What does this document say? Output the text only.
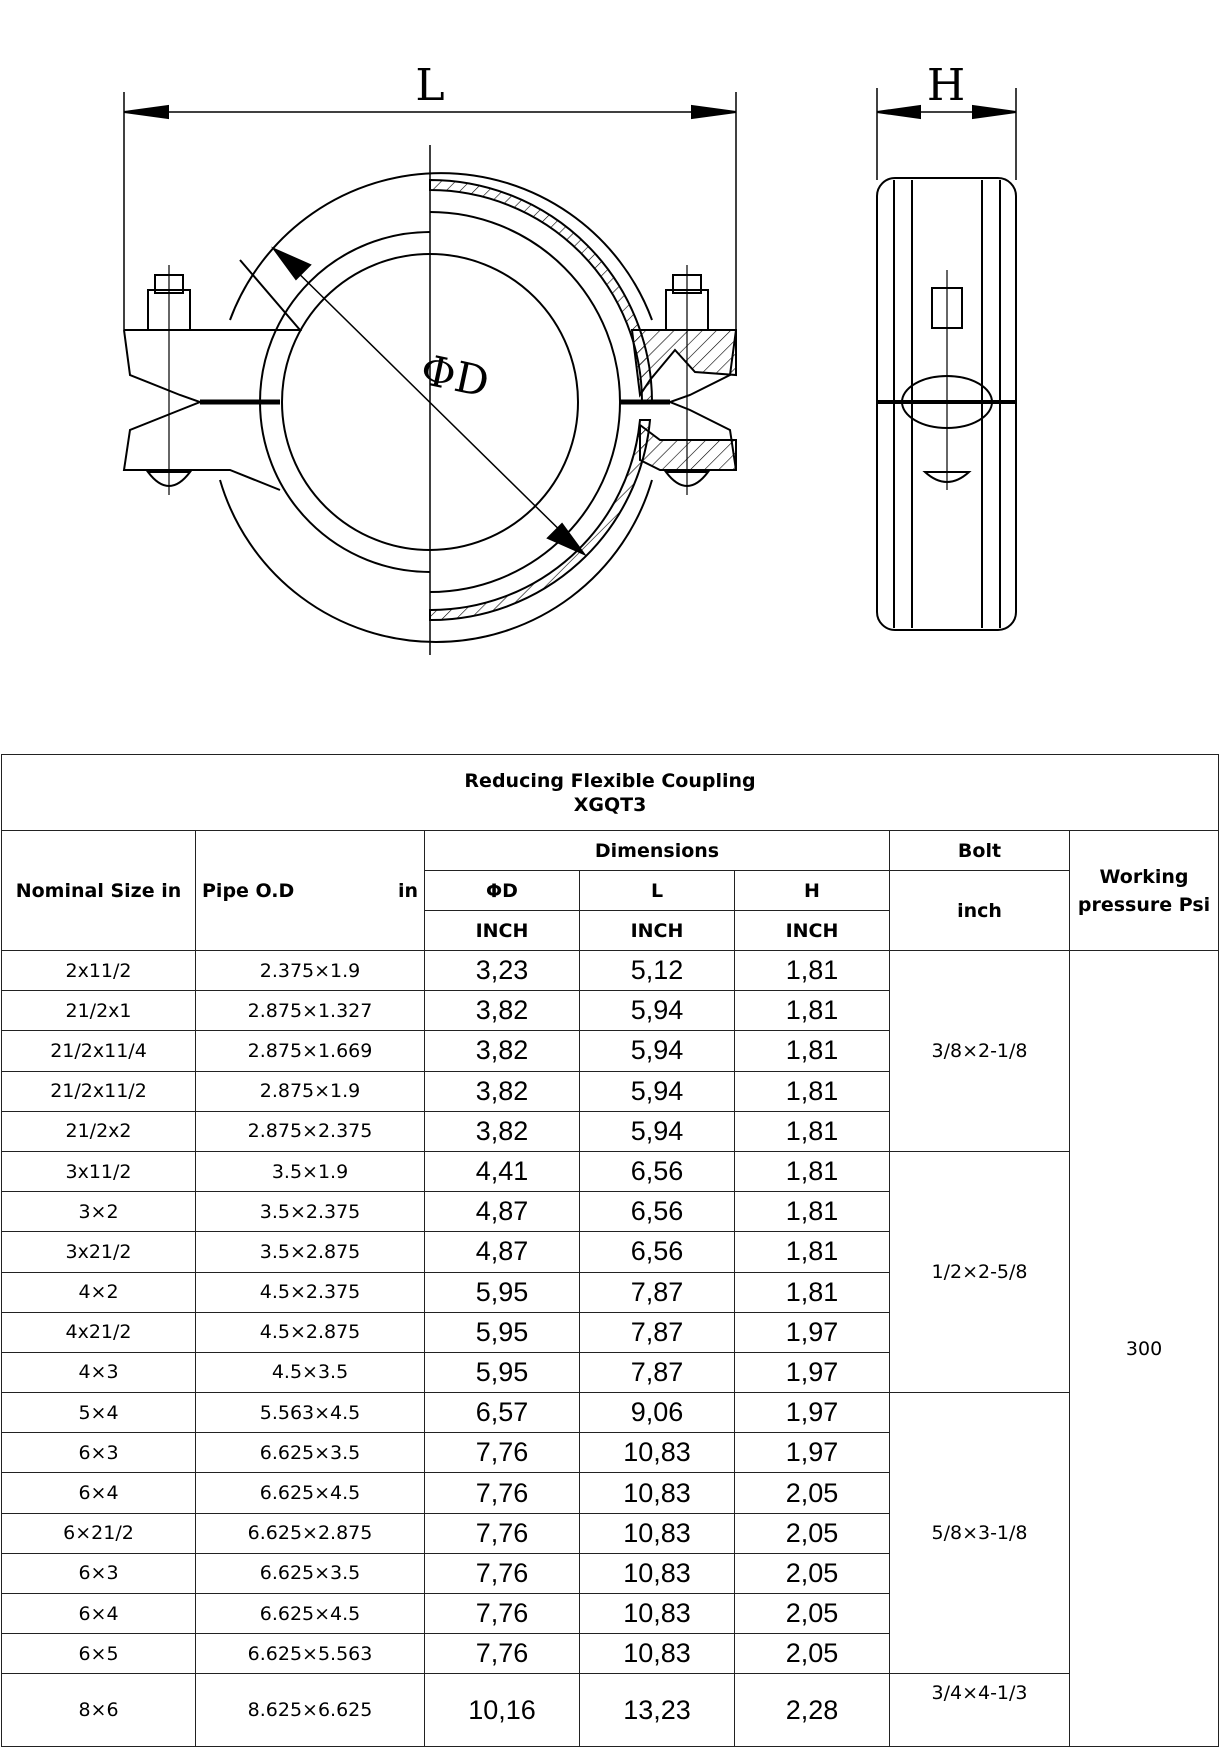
L	H
ΦD
Reducing Flexible Coupling
XGQT3						

Nominal Size in	Pipe O.D in	Dimensions			Bolt	Working pressure Psi
		ΦD	L	H	inch	
		INCH	INCH	INCH		
2x11/2	2.375×1.9	3,23	5,12	1,81	3/8×2-1/8	300
21/2x1	2.875×1.327	3,82	5,94	1,81		
21/2x11/4	2.875×1.669	3,82	5,94	1,81		
21/2x11/2	2.875×1.9	3,82	5,94	1,81		
21/2x2	2.875×2.375	3,82	5,94	1,81		
3x11/2	3.5×1.9	4,41	6,56	1,81	1/2×2-5/8	
3×2	3.5×2.375	4,87	6,56	1,81		
3x21/2	3.5×2.875	4,87	6,56	1,81		
4×2	4.5×2.375	5,95	7,87	1,81		
4x21/2	4.5×2.875	5,95	7,87	1,97		
4×3	4.5×3.5	5,95	7,87	1,97		
5×4	5.563×4.5	6,57	9,06	1,97	5/8×3-1/8	
6×3	6.625×3.5	7,76	10,83	1,97		
6×4	6.625×4.5	7,76	10,83	2,05		
6×21/2	6.625×2.875	7,76	10,83	2,05		
6×3	6.625×3.5	7,76	10,83	2,05		
6×4	6.625×4.5	7,76	10,83	2,05		
6×5	6.625×5.563	7,76	10,83	2,05		
8×6	8.625×6.625	10,16	13,23	2,28	3/4×4-1/3	
